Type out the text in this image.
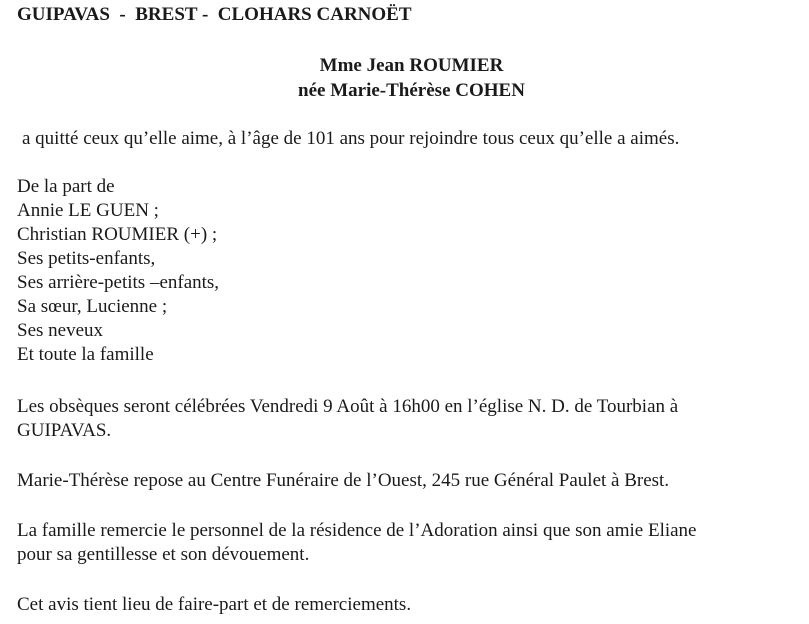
GUIPAVAS  -  BREST -  CLOHARS CARNOËT
Mme Jean ROUMIER
née Marie-Thérèse COHEN
a quitté ceux qu’elle aime, à l’âge de 101 ans pour rejoindre tous ceux qu’elle a aimés.
De la part de
Annie LE GUEN ;
Christian ROUMIER (+) ;
Ses petits-enfants,
Ses arrière-petits –enfants,
Sa sœur, Lucienne ;
Ses neveux
Et toute la famille
Les obsèques seront célébrées Vendredi 9 Août à 16h00 en l’église N. D. de Tourbian à
GUIPAVAS.
Marie-Thérèse repose au Centre Funéraire de l’Ouest, 245 rue Général Paulet à Brest.
La famille remercie le personnel de la résidence de l’Adoration ainsi que son amie Eliane
pour sa gentillesse et son dévouement.
Cet avis tient lieu de faire-part et de remerciements.
